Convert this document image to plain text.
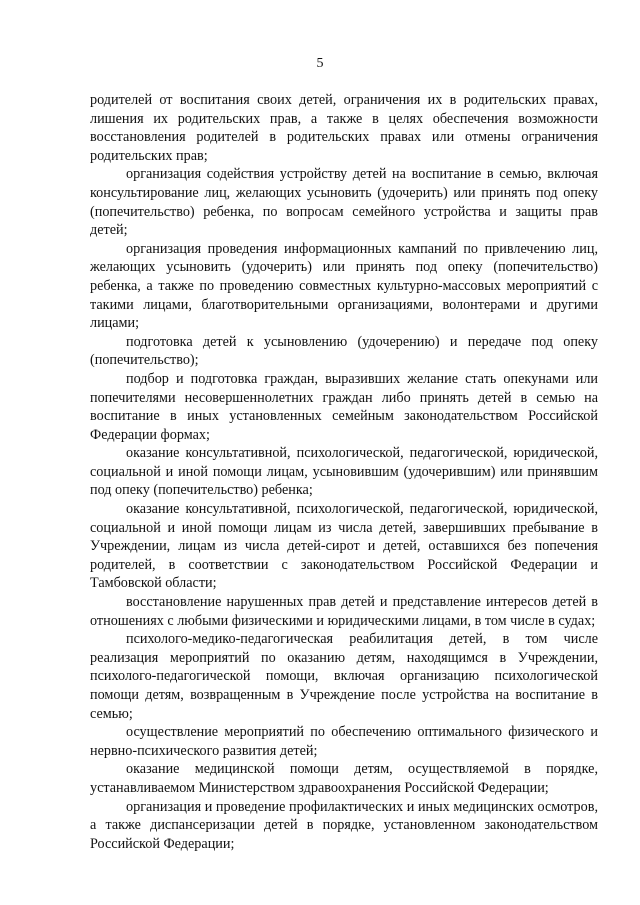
5

родителей от воспитания своих детей, ограничения их в родительских правах, лишения их родительских прав, а также в целях обеспечения возможности восстановления родителей в родительских правах или отмены ограничения родительских прав;

организация содействия устройству детей на воспитание в семью, включая консультирование лиц, желающих усыновить (удочерить) или принять под опеку (попечительство) ребенка, по вопросам семейного устройства и защиты прав детей;

организация проведения информационных кампаний по привлечению лиц, желающих усыновить (удочерить) или принять под опеку (попечительство) ребенка, а также по проведению совместных культурно-массовых мероприятий с такими лицами, благотворительными организациями, волонтерами и другими лицами;

подготовка детей к усыновлению (удочерению) и передаче под опеку (попечительство);

подбор и подготовка граждан, выразивших желание стать опекунами или попечителями несовершеннолетних граждан либо принять детей в семью на воспитание в иных установленных семейным законодательством Российской Федерации формах;

оказание консультативной, психологической, педагогической, юридической, социальной и иной помощи лицам, усыновившим (удочерившим) или принявшим под опеку (попечительство) ребенка;

оказание консультативной, психологической, педагогической, юридической, социальной и иной помощи лицам из числа детей, завершивших пребывание в Учреждении, лицам из числа детей-сирот и детей, оставшихся без попечения родителей, в соответствии с законодательством Российской Федерации и Тамбовской области;

восстановление нарушенных прав детей и представление интересов детей в отношениях с любыми физическими и юридическими лицами, в том числе в судах;

психолого-медико-педагогическая реабилитация детей, в том числе реализация мероприятий по оказанию детям, находящимся в Учреждении, психолого-педагогической помощи, включая организацию психологической помощи детям, возвращенным в Учреждение после устройства на воспитание в семью;

осуществление мероприятий по обеспечению оптимального физического и нервно-психического развития детей;

оказание медицинской помощи детям, осуществляемой в порядке, устанавливаемом Министерством здравоохранения Российской Федерации;

организация и проведение профилактических и иных медицинских осмотров, а также диспансеризации детей в порядке, установленном законодательством Российской Федерации;
